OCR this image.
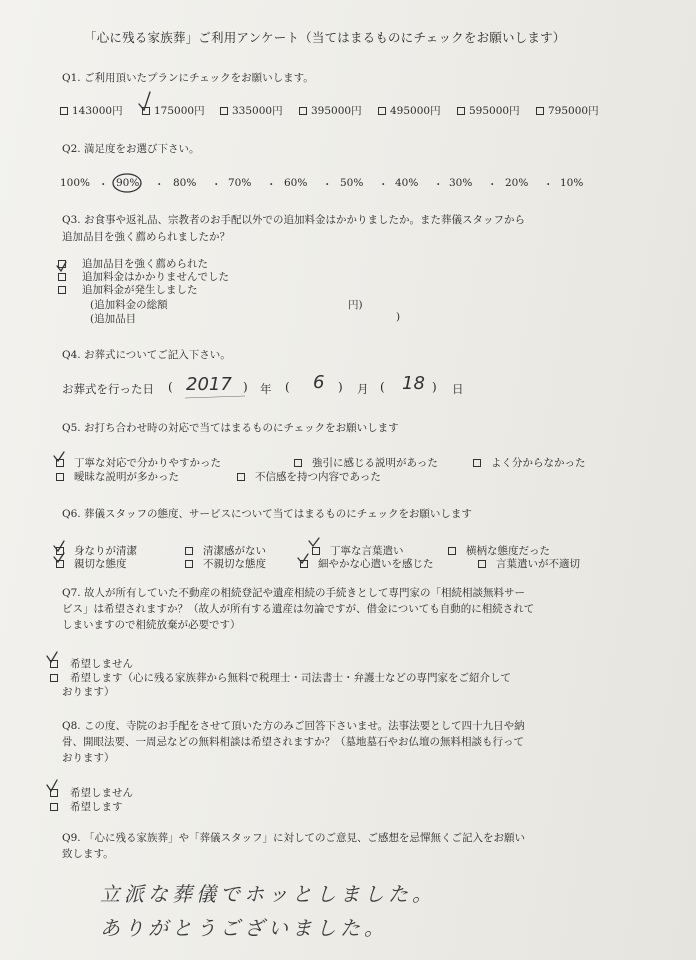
「心に残る家族葬」ご利用アンケート（当てはまるものにチェックをお願いします）
Q1. ご利用頂いたプランにチェックをお願いします。
143000円	175000円	335000円	395000円	495000円	595000円	795000円
Q2. 満足度をお選び下さい。
100% ・ 90% ・ 80% ・ 70% ・ 60% ・ 50% ・ 40% ・ 30% ・ 20% ・ 10%
Q3. お食事や返礼品、宗教者のお手配以外での追加料金はかかりましたか。また葬儀スタッフから
追加品目を強く薦められましたか？
追加品目を強く薦められた
追加料金はかかりませんでした
追加料金が発生しました
(追加料金の総額	円)
(追加品目	)
Q4. お葬式についてご記入下さい。
お葬式を行った日 ( 2017 ) 年 ( 6 ) 月 ( 18 ) 日
Q5. お打ち合わせ時の対応で当てはまるものにチェックをお願いします
丁寧な対応で分かりやすかった	強引に感じる説明があった	よく分からなかった
曖昧な説明が多かった	不信感を持つ内容であった
Q6. 葬儀スタッフの態度、サービスについて当てはまるものにチェックをお願いします
身なりが清潔	清潔感がない	丁寧な言葉遣い	横柄な態度だった
親切な態度	不親切な態度	細やかな心遣いを感じた	言葉遣いが不適切
Q7. 故人が所有していた不動産の相続登記や遺産相続の手続きとして専門家の「相続相談無料サー
ビス」は希望されますか？（故人が所有する遺産は勿論ですが、借金についても自動的に相続されて
しまいますので相続放棄が必要です）
希望しません
希望します（心に残る家族葬から無料で税理士・司法書士・弁護士などの専門家をご紹介して
おります）
Q8. この度、寺院のお手配をさせて頂いた方のみご回答下さいませ。法事法要として四十九日や納
骨、開眼法要、一周忌などの無料相談は希望されますか？（墓地墓石やお仏壇の無料相談も行って
おります）
希望しません
希望します
Q9. 「心に残る家族葬」や「葬儀スタッフ」に対してのご意見、ご感想を忌憚無くご記入をお願い
致します。
立派な葬儀でホッとしました。
ありがとうございました。
